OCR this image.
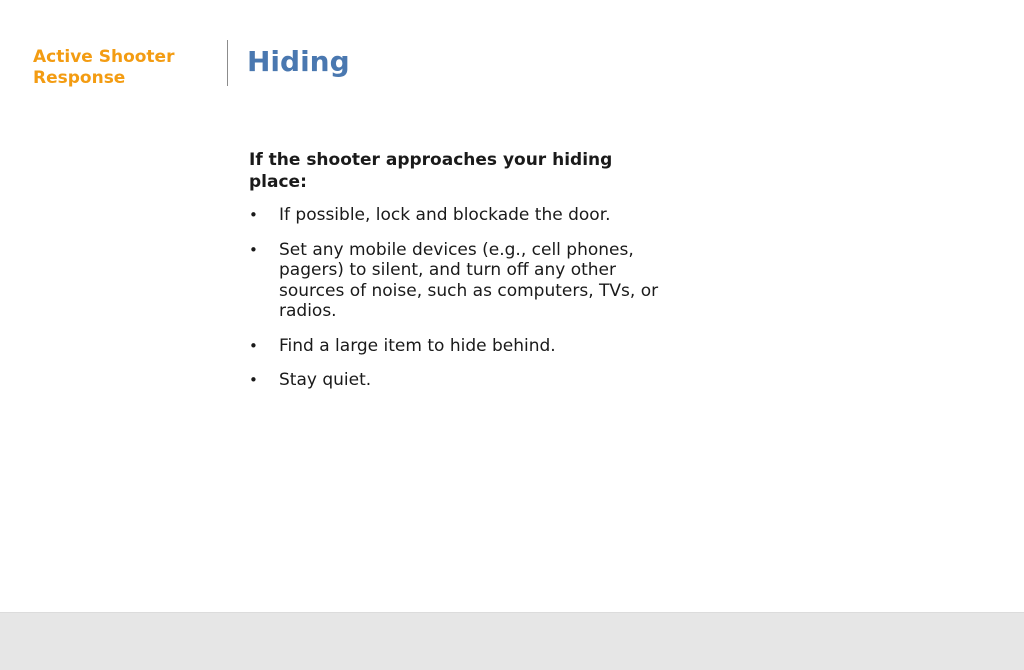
Active Shooter Response	Hiding

If the shooter approaches your hiding place:

• If possible, lock and blockade the door.
• Set any mobile devices (e.g., cell phones, pagers) to silent, and turn off any other sources of noise, such as computers, TVs, or radios.
• Find a large item to hide behind.
• Stay quiet.
